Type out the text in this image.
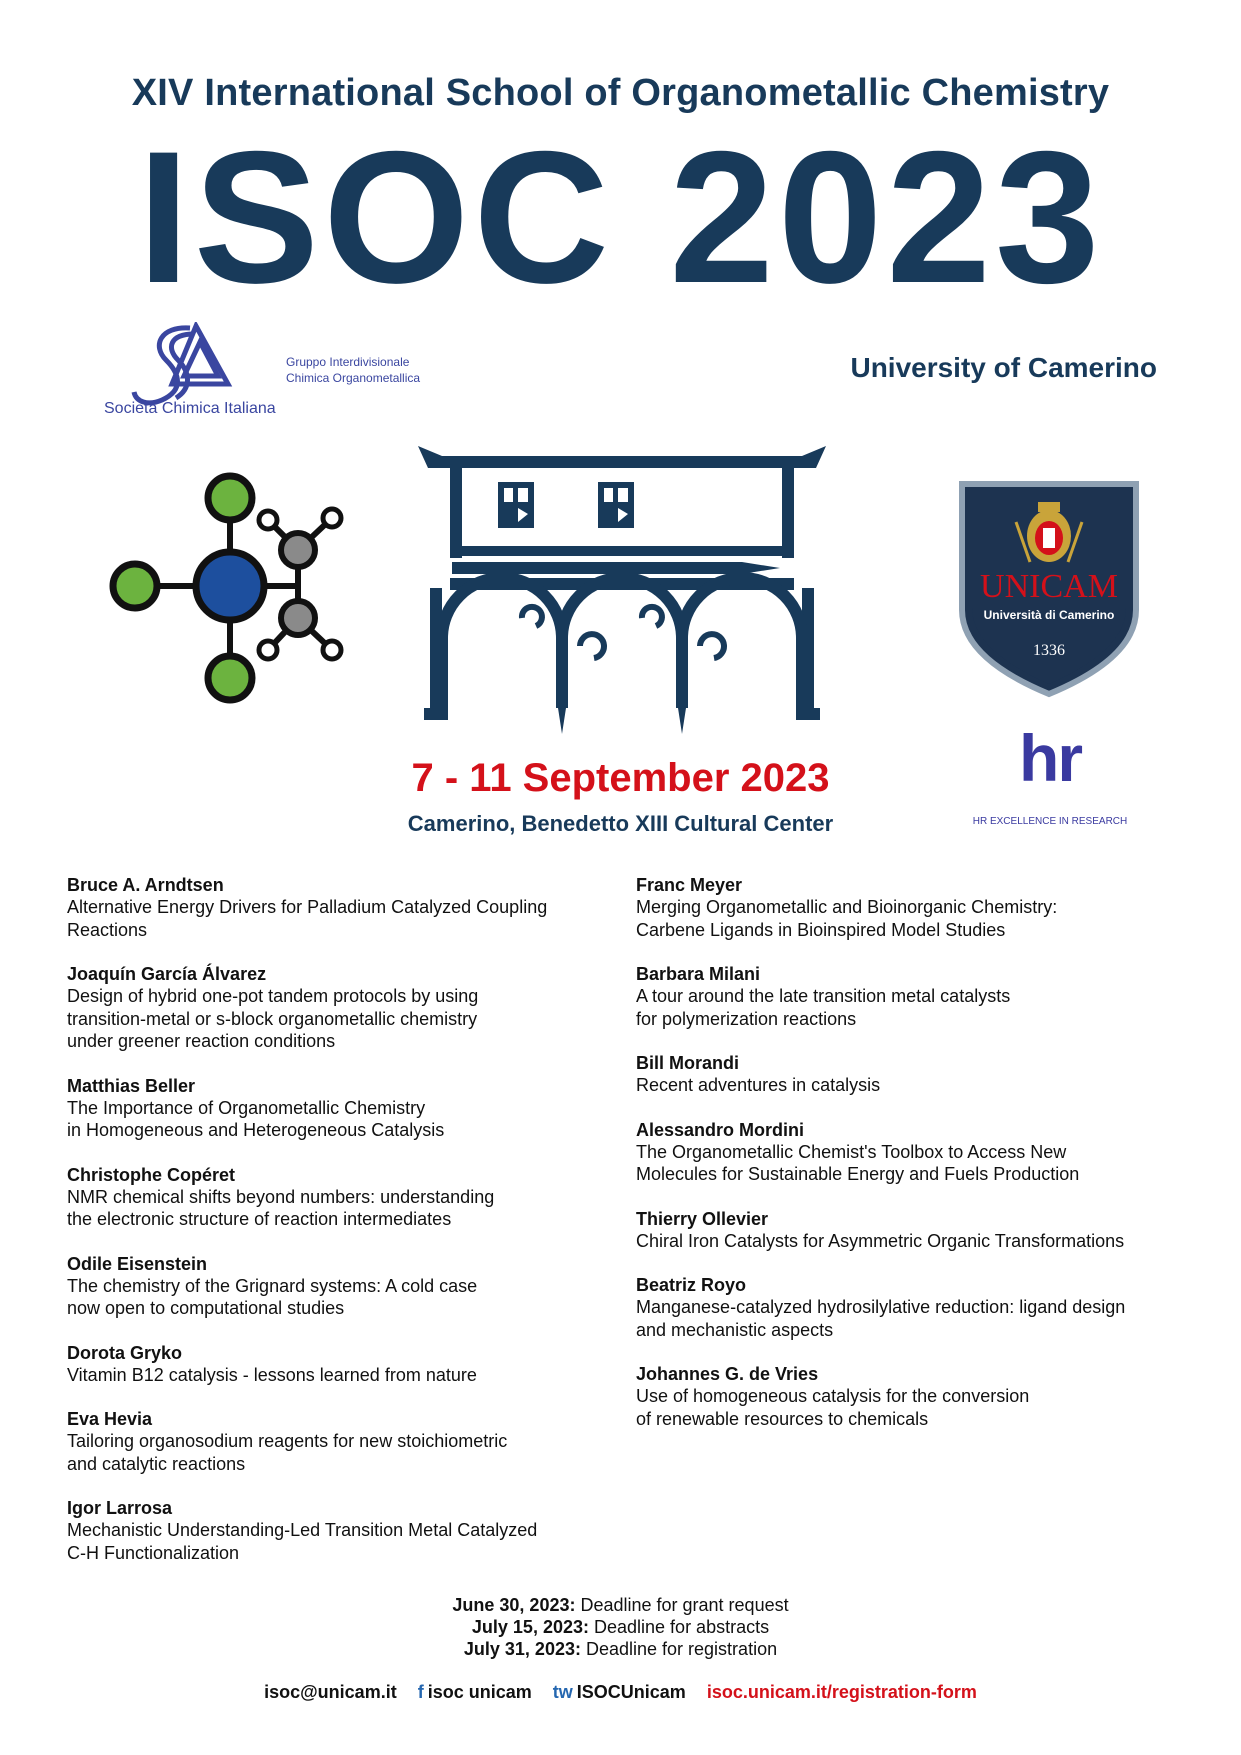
XIV International School of Organometallic Chemistry
ISOC 2023
Gruppo Interdivisionale
Chimica Organometallica
Società Chimica Italiana
University of Camerino
UNICAM
Università di Camerino
1336
hr
HR EXCELLENCE IN RESEARCH
7 - 11 September 2023
Camerino, Benedetto XIII Cultural Center
Bruce A. Arndtsen
Alternative Energy Drivers for Palladium Catalyzed Coupling
Reactions
Joaquín García Álvarez
Design of hybrid one-pot tandem protocols by using
transition-metal or s-block organometallic chemistry
under greener reaction conditions
Matthias Beller
The Importance of Organometallic Chemistry
in Homogeneous and Heterogeneous Catalysis
Christophe Copéret
NMR chemical shifts beyond numbers: understanding
the electronic structure of reaction intermediates
Odile Eisenstein
The chemistry of the Grignard systems: A cold case
now open to computational studies
Dorota Gryko
Vitamin B12 catalysis - lessons learned from nature
Eva Hevia
Tailoring organosodium reagents for new stoichiometric
and catalytic reactions
Igor Larrosa
Mechanistic Understanding-Led Transition Metal Catalyzed
C-H Functionalization
Franc Meyer
Merging Organometallic and Bioinorganic Chemistry:
Carbene Ligands in Bioinspired Model Studies
Barbara Milani
A tour around the late transition metal catalysts
for polymerization reactions
Bill Morandi
Recent adventures in catalysis
Alessandro Mordini
The Organometallic Chemist's Toolbox to Access New
Molecules for Sustainable Energy and Fuels Production
Thierry Ollevier
Chiral Iron Catalysts for Asymmetric Organic Transformations
Beatriz Royo
Manganese-catalyzed hydrosilylative reduction: ligand design
and mechanistic aspects
Johannes G. de Vries
Use of homogeneous catalysis for the conversion
of renewable resources to chemicals
June 30, 2023: Deadline for grant request
July 15, 2023: Deadline for abstracts
July 31, 2023: Deadline for registration
isoc@unicam.it f isoc unicam tw ISOCUnicam isoc.unicam.it/registration-form
